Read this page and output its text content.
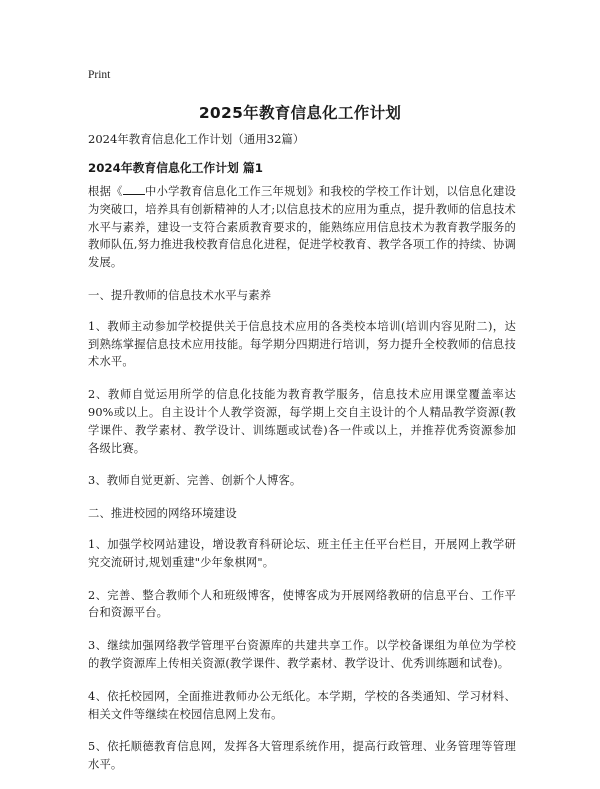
Print
2025年教育信息化工作计划

2024年教育信息化工作计划（通用32篇）

2024年教育信息化工作计划 篇1

根据《 中小学教育信息化工作三年规划》和我校的学校工作计划，以信息化建设为突破口，培养具有创新精神的人才;以信息技术的应用为重点，提升教师的信息技术水平与素养，建设一支符合素质教育要求的，能熟练应用信息技术为教育教学服务的教师队伍,努力推进我校教育信息化进程，促进学校教育、教学各项工作的持续、协调发展。

一、提升教师的信息技术水平与素养

1、教师主动参加学校提供关于信息技术应用的各类校本培训(培训内容见附二)，达到熟练掌握信息技术应用技能。每学期分四期进行培训，努力提升全校教师的信息技术水平。

2、教师自觉运用所学的信息化技能为教育教学服务，信息技术应用课堂覆盖率达90%或以上。自主设计个人教学资源，每学期上交自主设计的个人精品教学资源(教学课件、教学素材、教学设计、训练题或试卷)各一件或以上，并推荐优秀资源参加各级比赛。

3、教师自觉更新、完善、创新个人博客。

二、推进校园的网络环境建设

1、加强学校网站建设，增设教育科研论坛、班主任主任平台栏目，开展网上教学研究交流研讨,规划重建"少年象棋网"。

2、完善、整合教师个人和班级博客，使博客成为开展网络教研的信息平台、工作平台和资源平台。

3、继续加强网络教学管理平台资源库的共建共享工作。以学校备课组为单位为学校的教学资源库上传相关资源(教学课件、教学素材、教学设计、优秀训练题和试卷)。

4、依托校园网，全面推进教师办公无纸化。本学期，学校的各类通知、学习材料、相关文件等继续在校园信息网上发布。

5、依托顺德教育信息网，发挥各大管理系统作用，提高行政管理、业务管理等管理水平。
